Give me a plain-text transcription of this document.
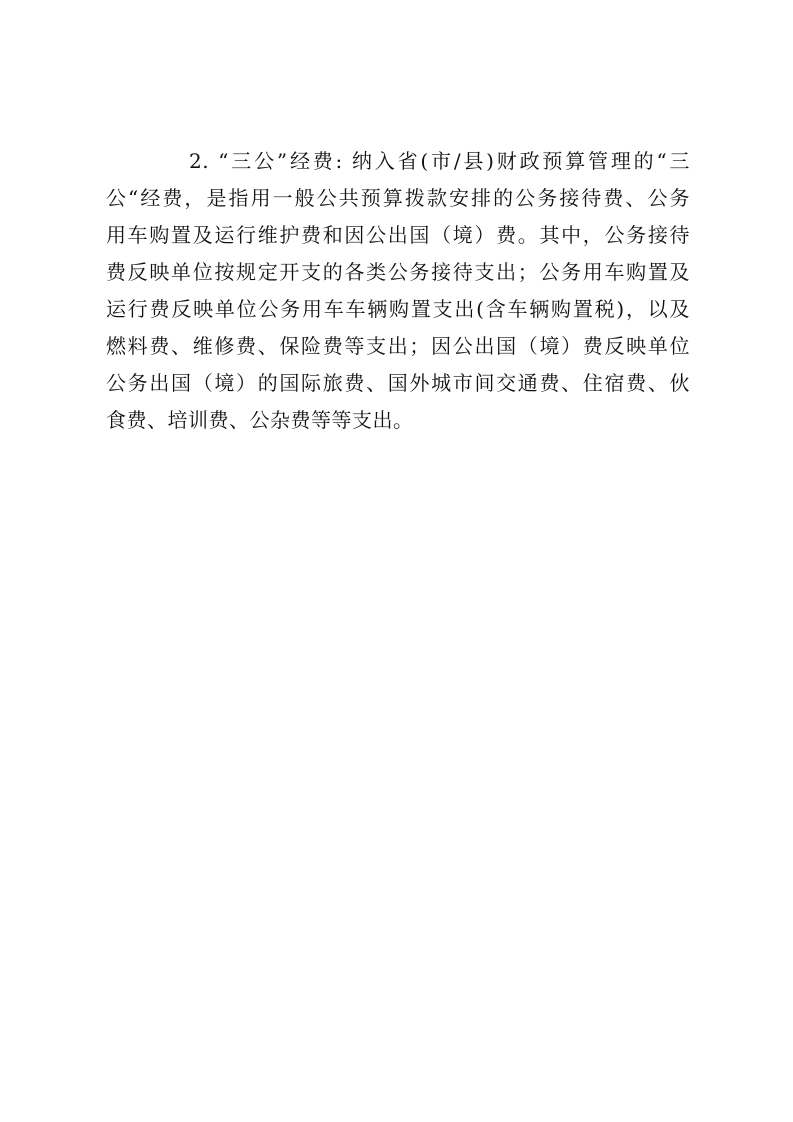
2. “三公”经费: 纳入省(市/县)财政预算管理的“三
公“经费，是指用一般公共预算拨款安排的公务接待费、公务
用车购置及运行维护费和因公出国（境）费。其中，公务接待
费反映单位按规定开支的各类公务接待支出；公务用车购置及
运行费反映单位公务用车车辆购置支出(含车辆购置税)，以及
燃料费、维修费、保险费等支出；因公出国（境）费反映单位
公务出国（境）的国际旅费、国外城市间交通费、住宿费、伙
食费、培训费、公杂费等等支出。
